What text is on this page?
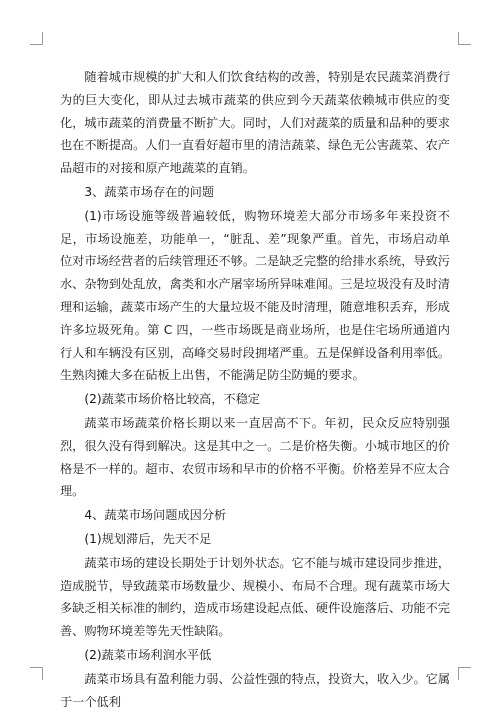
随着城市规模的扩大和人们饮食结构的改善，特别是农民蔬菜消费行为的巨大变化，即从过去城市蔬菜的供应到今天蔬菜依赖城市供应的变化，城市蔬菜的消费量不断扩大。同时，人们对蔬菜的质量和品种的要求也在不断提高。人们一直看好超市里的清洁蔬菜、绿色无公害蔬菜、农产品超市的对接和原产地蔬菜的直销。

3、蔬菜市场存在的问题

(1)市场设施等级普遍较低，购物环境差大部分市场多年来投资不足，市场设施差，功能单一，“脏乱、差”现象严重。首先，市场启动单位对市场经营者的后续管理还不够。二是缺乏完整的给排水系统，导致污水、杂物到处乱放，禽类和水产屠宰场所异味难闻。三是垃圾没有及时清理和运输，蔬菜市场产生的大量垃圾不能及时清理，随意堆积丢弃，形成许多垃圾死角。第 C 四，一些市场既是商业场所，也是住宅场所通道内行人和车辆没有区别，高峰交易时段拥堵严重。五是保鲜设备利用率低。生熟肉摊大多在砧板上出售，不能满足防尘防蝇的要求。

(2)蔬菜市场价格比较高，不稳定

蔬菜市场蔬菜价格长期以来一直居高不下。年初，民众反应特别强烈，很久没有得到解决。这是其中之一。二是价格失衡。小城市地区的价格是不一样的。超市、农贸市场和早市的价格不平衡。价格差异不应太合理。

4、蔬菜市场问题成因分析

(1)规划滞后，先天不足

蔬菜市场的建设长期处于计划外状态。它不能与城市建设同步推进，造成脱节，导致蔬菜市场数量少、规模小、布局不合理。现有蔬菜市场大多缺乏相关标准的制约，造成市场建设起点低、硬件设施落后、功能不完善、购物环境差等先天性缺陷。

(2)蔬菜市场利润水平低

蔬菜市场具有盈利能力弱、公益性强的特点，投资大，收入少。它属于一个低利
